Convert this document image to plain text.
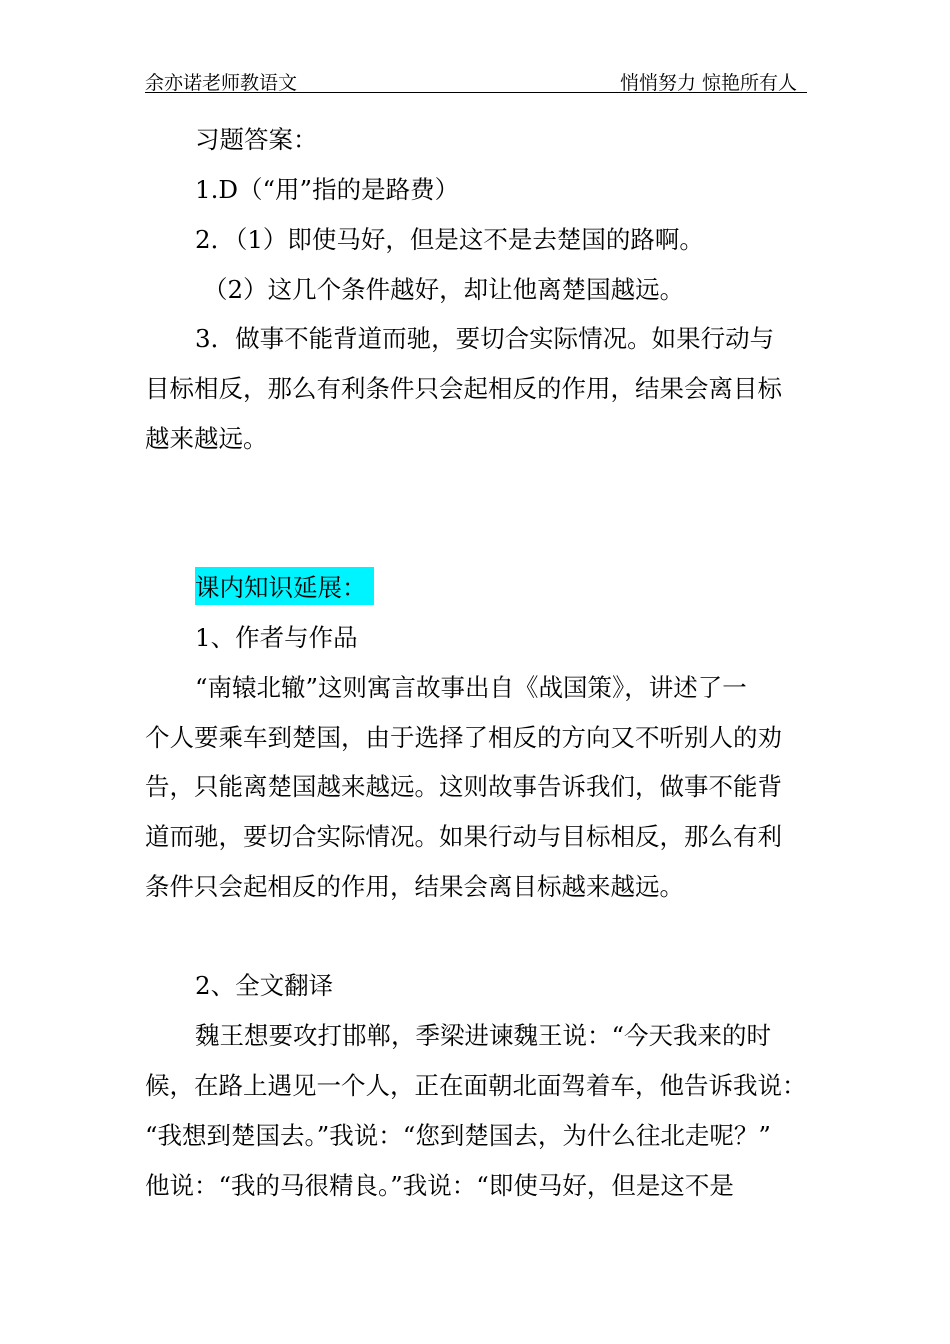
余亦诺老师教语文	悄悄努力 惊艳所有人
习题答案：
1.D（“用”指的是路费）
2．（1）即使马好，但是这不是去楚国的路啊。
（2）这几个条件越好，却让他离楚国越远。
3．做事不能背道而驰，要切合实际情况。如果行动与
目标相反，那么有利条件只会起相反的作用，结果会离目标
越来越远。
课内知识延展：
1、作者与作品
“南辕北辙”这则寓言故事出自《战国策》，讲述了一
个人要乘车到楚国，由于选择了相反的方向又不听别人的劝
告，只能离楚国越来越远。这则故事告诉我们，做事不能背
道而驰，要切合实际情况。如果行动与目标相反，那么有利
条件只会起相反的作用，结果会离目标越来越远。
2、全文翻译
魏王想要攻打邯郸，季梁进谏魏王说：“今天我来的时
候，在路上遇见一个人，正在面朝北面驾着车，他告诉我说：
“我想到楚国去。”我说：“您到楚国去，为什么往北走呢？”
他说：“我的马很精良。”我说：“即使马好，但是这不是
